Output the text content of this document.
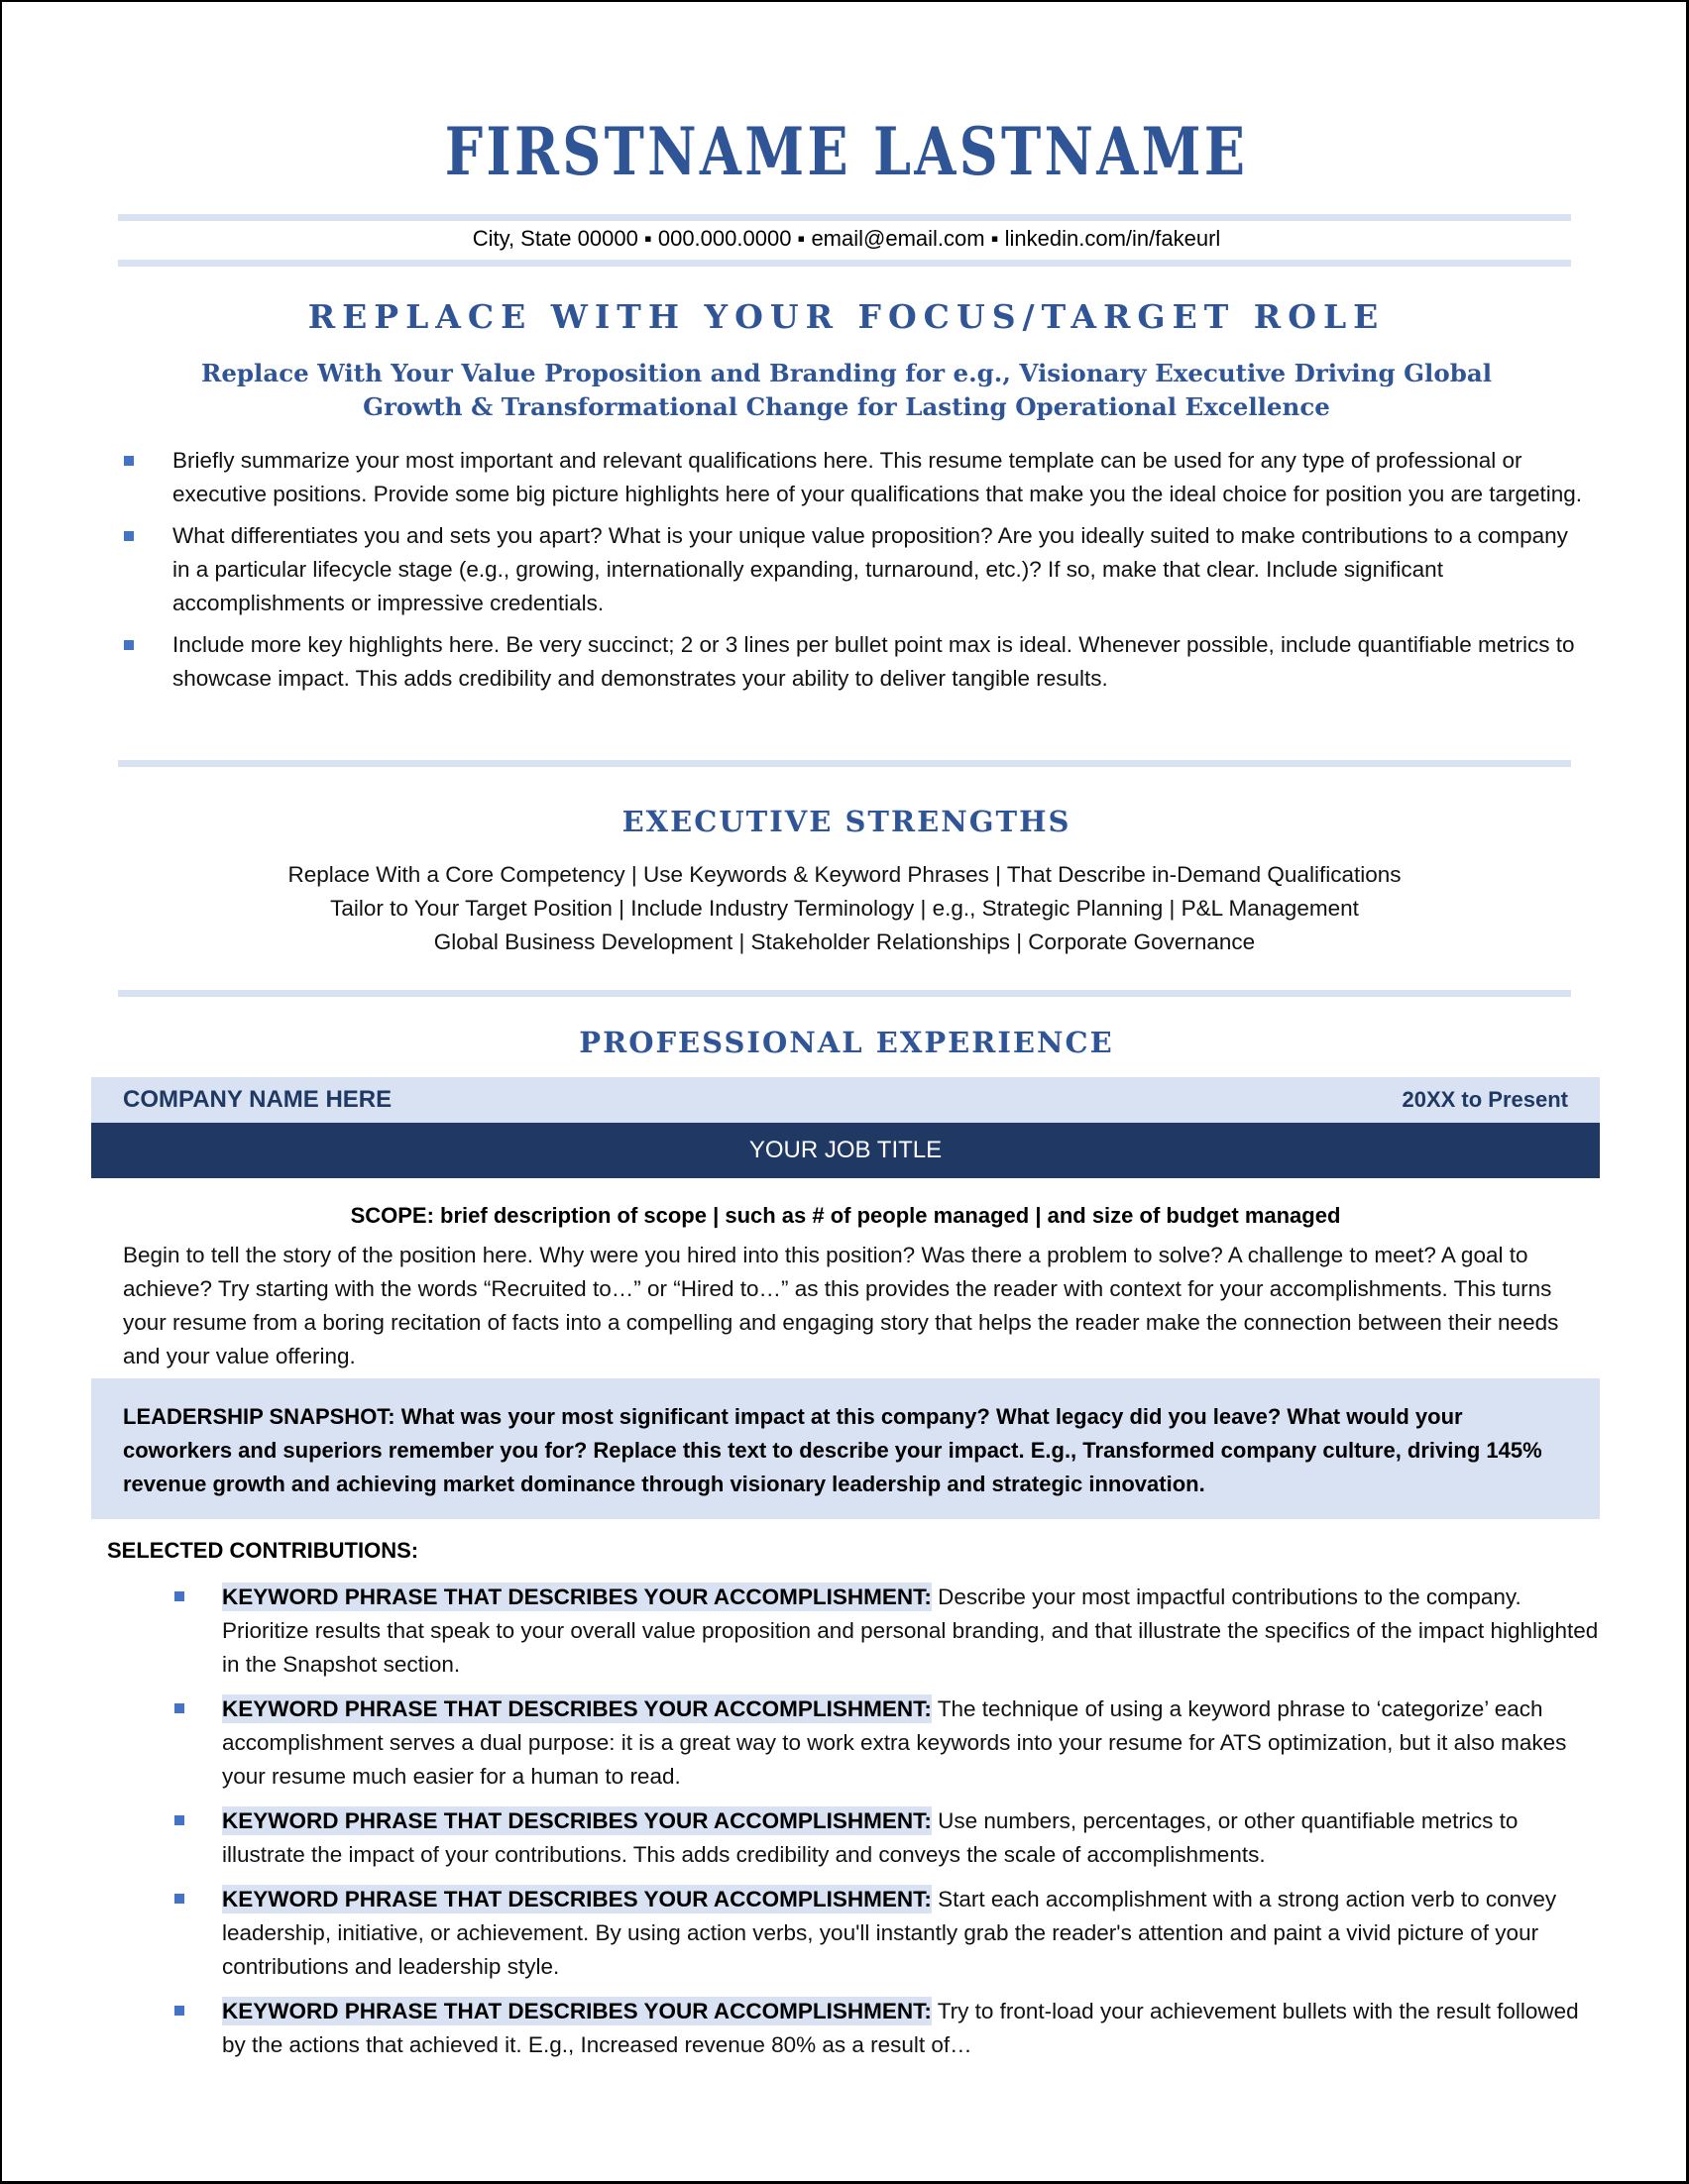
FIRSTNAME LASTNAME
City, State 00000 ▪ 000.000.0000 ▪ email@email.com ▪ linkedin.com/in/fakeurl
REPLACE WITH YOUR FOCUS/TARGET ROLE
Replace With Your Value Proposition and Branding for e.g., Visionary Executive Driving Global
Growth & Transformational Change for Lasting Operational Excellence
Briefly summarize your most important and relevant qualifications here. This resume template can be used for any type of professional or executive positions. Provide some big picture highlights here of your qualifications that make you the ideal choice for position you are targeting.
What differentiates you and sets you apart? What is your unique value proposition? Are you ideally suited to make contributions to a company in a particular lifecycle stage (e.g., growing, internationally expanding, turnaround, etc.)? If so, make that clear. Include significant accomplishments or impressive credentials.
Include more key highlights here. Be very succinct; 2 or 3 lines per bullet point max is ideal. Whenever possible, include quantifiable metrics to showcase impact. This adds credibility and demonstrates your ability to deliver tangible results.
EXECUTIVE STRENGTHS
Replace With a Core Competency | Use Keywords & Keyword Phrases | That Describe in-Demand Qualifications
Tailor to Your Target Position | Include Industry Terminology | e.g., Strategic Planning | P&L Management
Global Business Development | Stakeholder Relationships | Corporate Governance
PROFESSIONAL EXPERIENCE
COMPANY NAME HERE	20XX to Present
YOUR JOB TITLE
SCOPE: brief description of scope | such as # of people managed | and size of budget managed
Begin to tell the story of the position here. Why were you hired into this position? Was there a problem to solve? A challenge to meet? A goal to achieve? Try starting with the words “Recruited to…” or “Hired to…” as this provides the reader with context for your accomplishments. This turns your resume from a boring recitation of facts into a compelling and engaging story that helps the reader make the connection between their needs and your value offering.
LEADERSHIP SNAPSHOT: What was your most significant impact at this company? What legacy did you leave? What would your coworkers and superiors remember you for? Replace this text to describe your impact. E.g., Transformed company culture, driving 145% revenue growth and achieving market dominance through visionary leadership and strategic innovation.
SELECTED CONTRIBUTIONS:
KEYWORD PHRASE THAT DESCRIBES YOUR ACCOMPLISHMENT: Describe your most impactful contributions to the company. Prioritize results that speak to your overall value proposition and personal branding, and that illustrate the specifics of the impact highlighted in the Snapshot section.
KEYWORD PHRASE THAT DESCRIBES YOUR ACCOMPLISHMENT: The technique of using a keyword phrase to ‘categorize’ each accomplishment serves a dual purpose: it is a great way to work extra keywords into your resume for ATS optimization, but it also makes your resume much easier for a human to read.
KEYWORD PHRASE THAT DESCRIBES YOUR ACCOMPLISHMENT: Use numbers, percentages, or other quantifiable metrics to illustrate the impact of your contributions. This adds credibility and conveys the scale of accomplishments.
KEYWORD PHRASE THAT DESCRIBES YOUR ACCOMPLISHMENT: Start each accomplishment with a strong action verb to convey leadership, initiative, or achievement. By using action verbs, you'll instantly grab the reader's attention and paint a vivid picture of your contributions and leadership style.
KEYWORD PHRASE THAT DESCRIBES YOUR ACCOMPLISHMENT: Try to front-load your achievement bullets with the result followed by the actions that achieved it. E.g., Increased revenue 80% as a result of…
